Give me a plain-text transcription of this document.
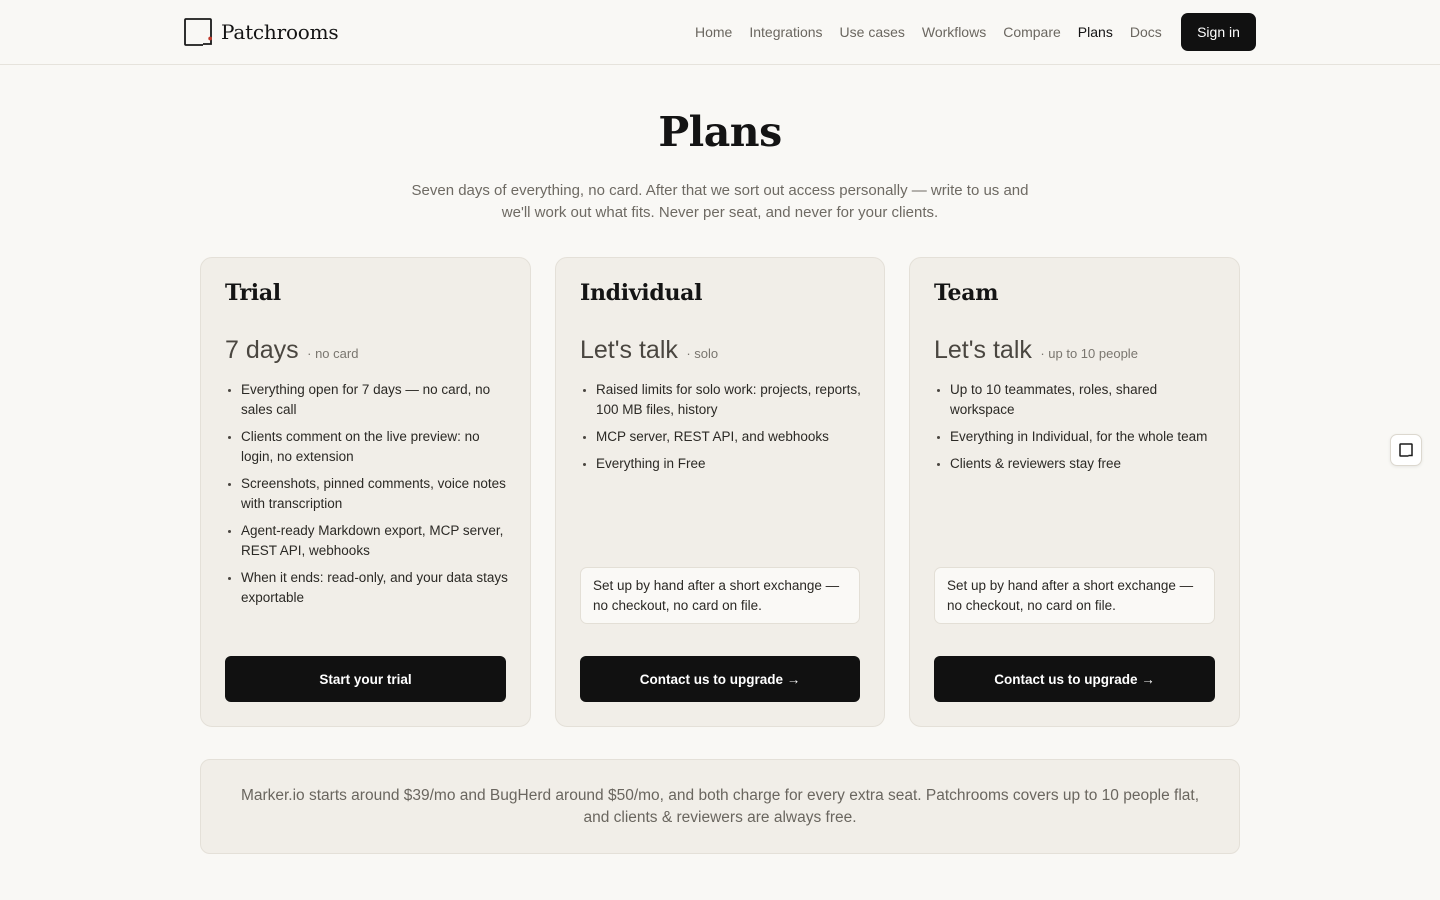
Patchrooms	Home Integrations Use cases Workflows Compare Plans Docs	Sign in
Plans

Seven days of everything, no card. After that we sort out access personally — write to us and we'll work out what fits. Never per seat, and never for your clients.

Trial
7 days · no card
• Everything open for 7 days — no card, no sales call
• Clients comment on the live preview: no login, no extension
• Screenshots, pinned comments, voice notes with transcription
• Agent-ready Markdown export, MCP server, REST API, webhooks
• When it ends: read-only, and your data stays exportable
Start your trial
Individual
Let's talk · solo
• Raised limits for solo work: projects, reports, 100 MB files, history
• MCP server, REST API, and webhooks
• Everything in Free
Set up by hand after a short exchange — no checkout, no card on file.
Contact us to upgrade →
Team
Let's talk · up to 10 people
• Up to 10 teammates, roles, shared workspace
• Everything in Individual, for the whole team
• Clients & reviewers stay free
Set up by hand after a short exchange — no checkout, no card on file.
Contact us to upgrade →

Marker.io starts around $39/mo and BugHerd around $50/mo, and both charge for every extra seat. Patchrooms covers up to 10 people flat, and clients & reviewers are always free.
